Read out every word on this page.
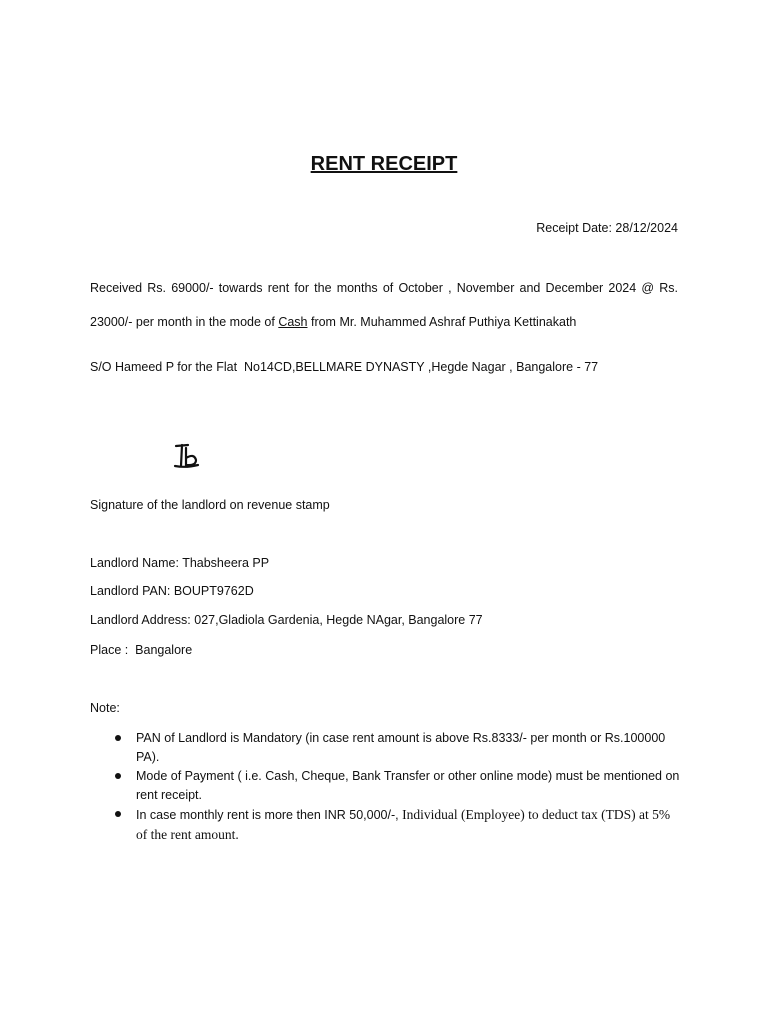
RENT RECEIPT
Receipt Date: 28/12/2024
Received Rs. 69000/- towards rent for the months of October , November and December 2024 @ Rs.
23000/- per month in the mode of Cash from Mr. Muhammed Ashraf Puthiya Kettinakath
S/O Hameed P for the Flat  No14CD,BELLMARE DYNASTY ,Hegde Nagar , Bangalore - 77
Signature of the landlord on revenue stamp
Landlord Name: Thabsheera PP
Landlord PAN: BOUPT9762D
Landlord Address: 027,Gladiola Gardenia, Hegde NAgar, Bangalore 77
Place :  Bangalore
Note:
PAN of Landlord is Mandatory (in case rent amount is above Rs.8333/- per month or Rs.100000 PA).
Mode of Payment ( i.e. Cash, Cheque, Bank Transfer or other online mode) must be mentioned on rent receipt.
In case monthly rent is more then INR 50,000/-, Individual (Employee) to deduct tax (TDS) at 5% of the rent amount.
